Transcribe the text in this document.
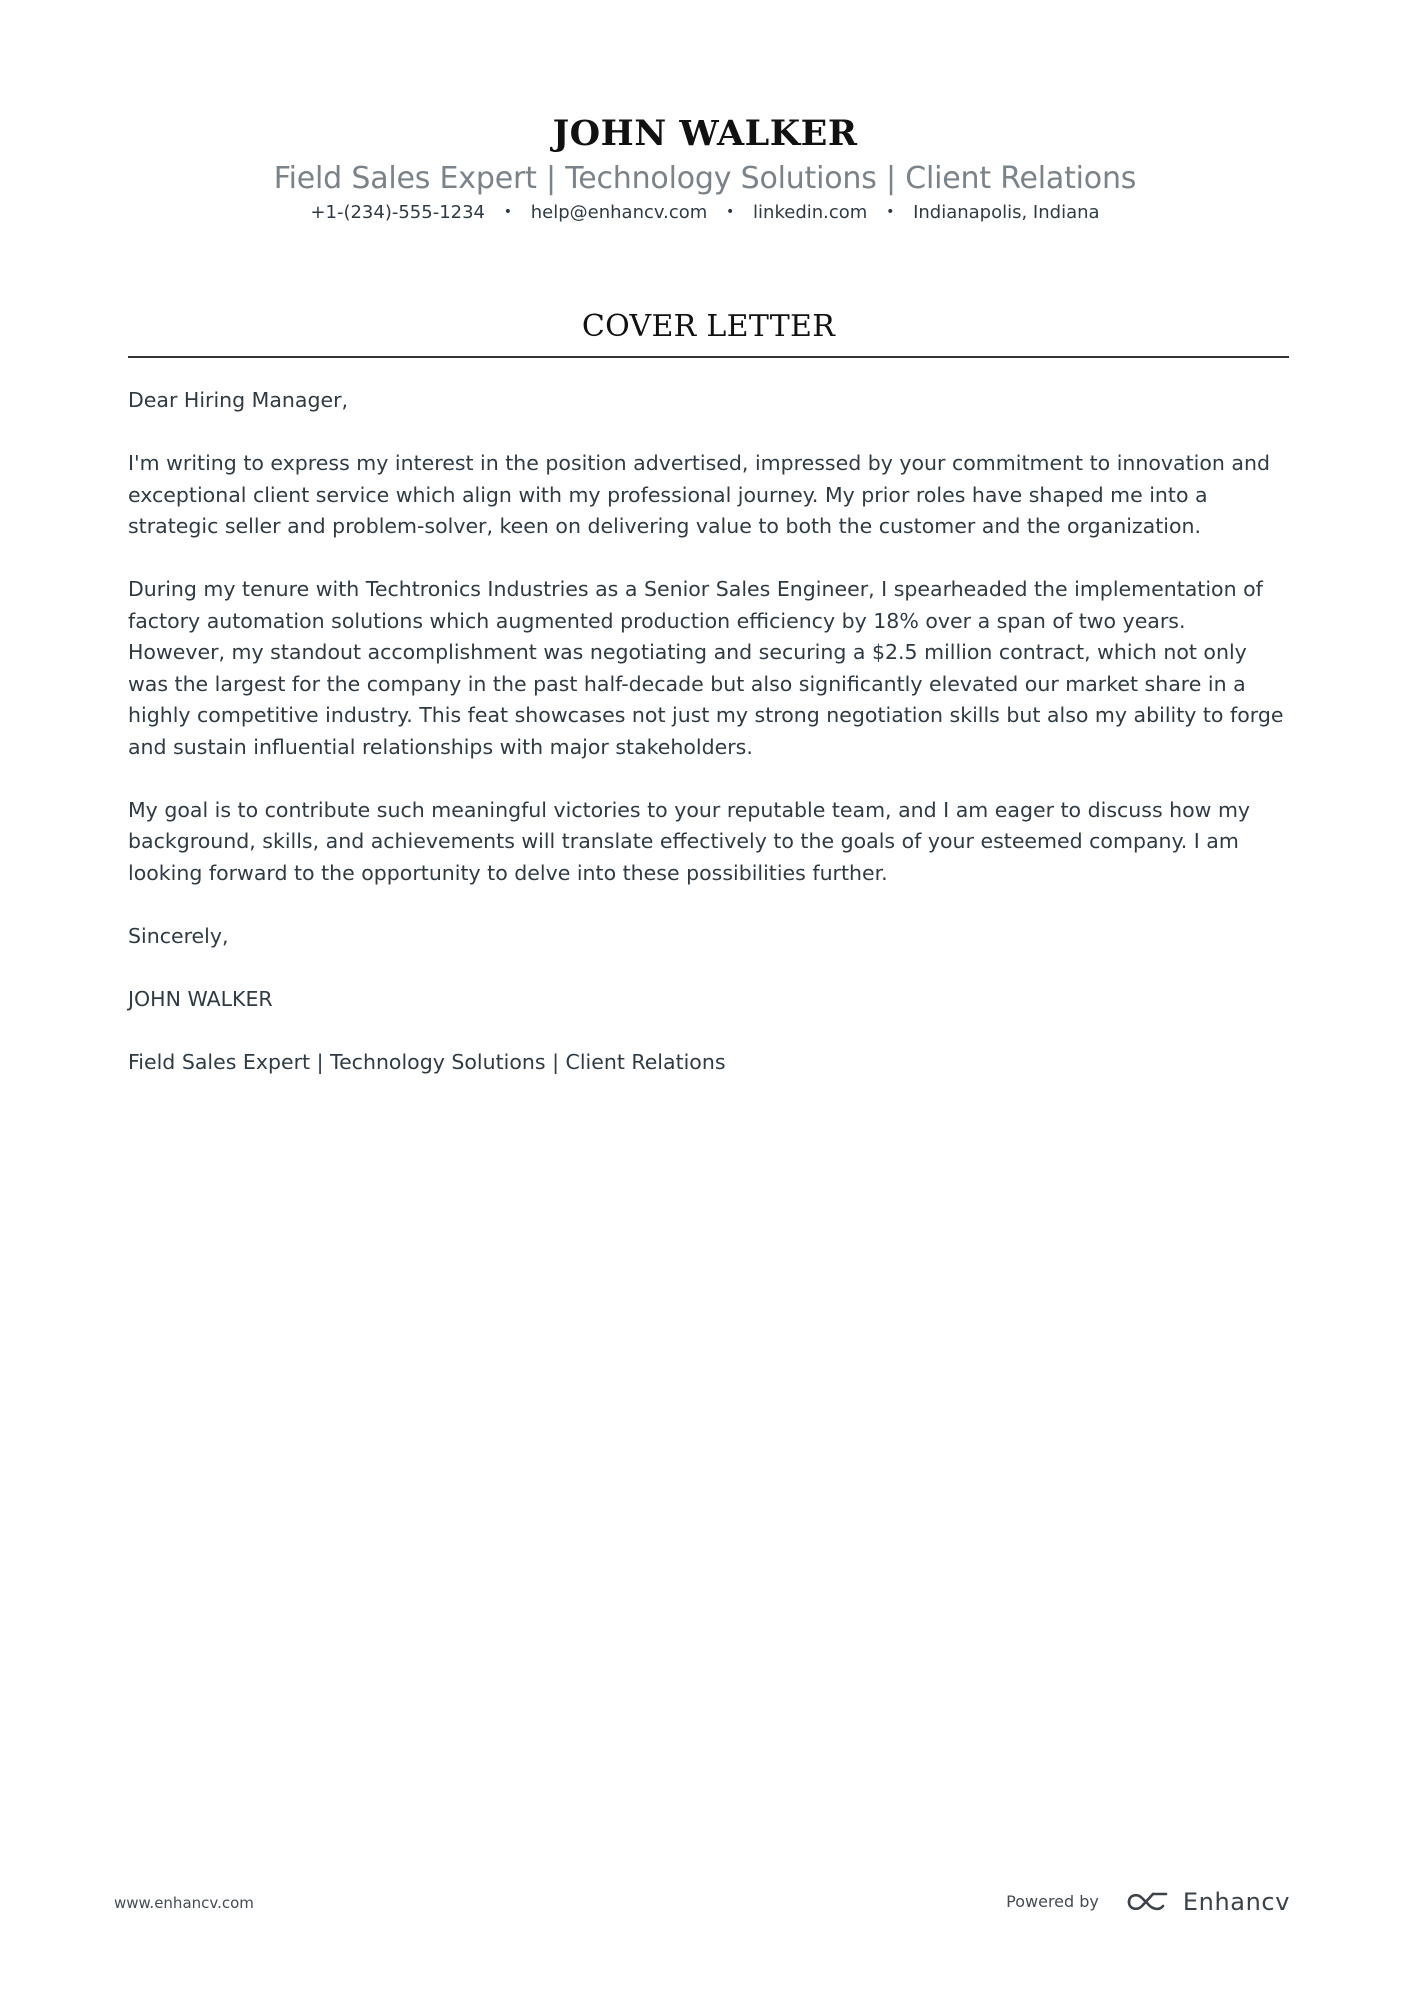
JOHN WALKER
Field Sales Expert | Technology Solutions | Client Relations
+1-(234)-555-1234 • help@enhancv.com • linkedin.com • Indianapolis, Indiana
COVER LETTER

Dear Hiring Manager,

I'm writing to express my interest in the position advertised, impressed by your commitment to innovation and exceptional client service which align with my professional journey. My prior roles have shaped me into a strategic seller and problem-solver, keen on delivering value to both the customer and the organization.

During my tenure with Techtronics Industries as a Senior Sales Engineer, I spearheaded the implementation of factory automation solutions which augmented production efficiency by 18% over a span of two years. However, my standout accomplishment was negotiating and securing a $2.5 million contract, which not only was the largest for the company in the past half-decade but also significantly elevated our market share in a highly competitive industry. This feat showcases not just my strong negotiation skills but also my ability to forge and sustain influential relationships with major stakeholders.

My goal is to contribute such meaningful victories to your reputable team, and I am eager to discuss how my background, skills, and achievements will translate effectively to the goals of your esteemed company. I am looking forward to the opportunity to delve into these possibilities further.

Sincerely,

JOHN WALKER

Field Sales Expert | Technology Solutions | Client Relations

www.enhancv.com	Powered by	Enhancv
